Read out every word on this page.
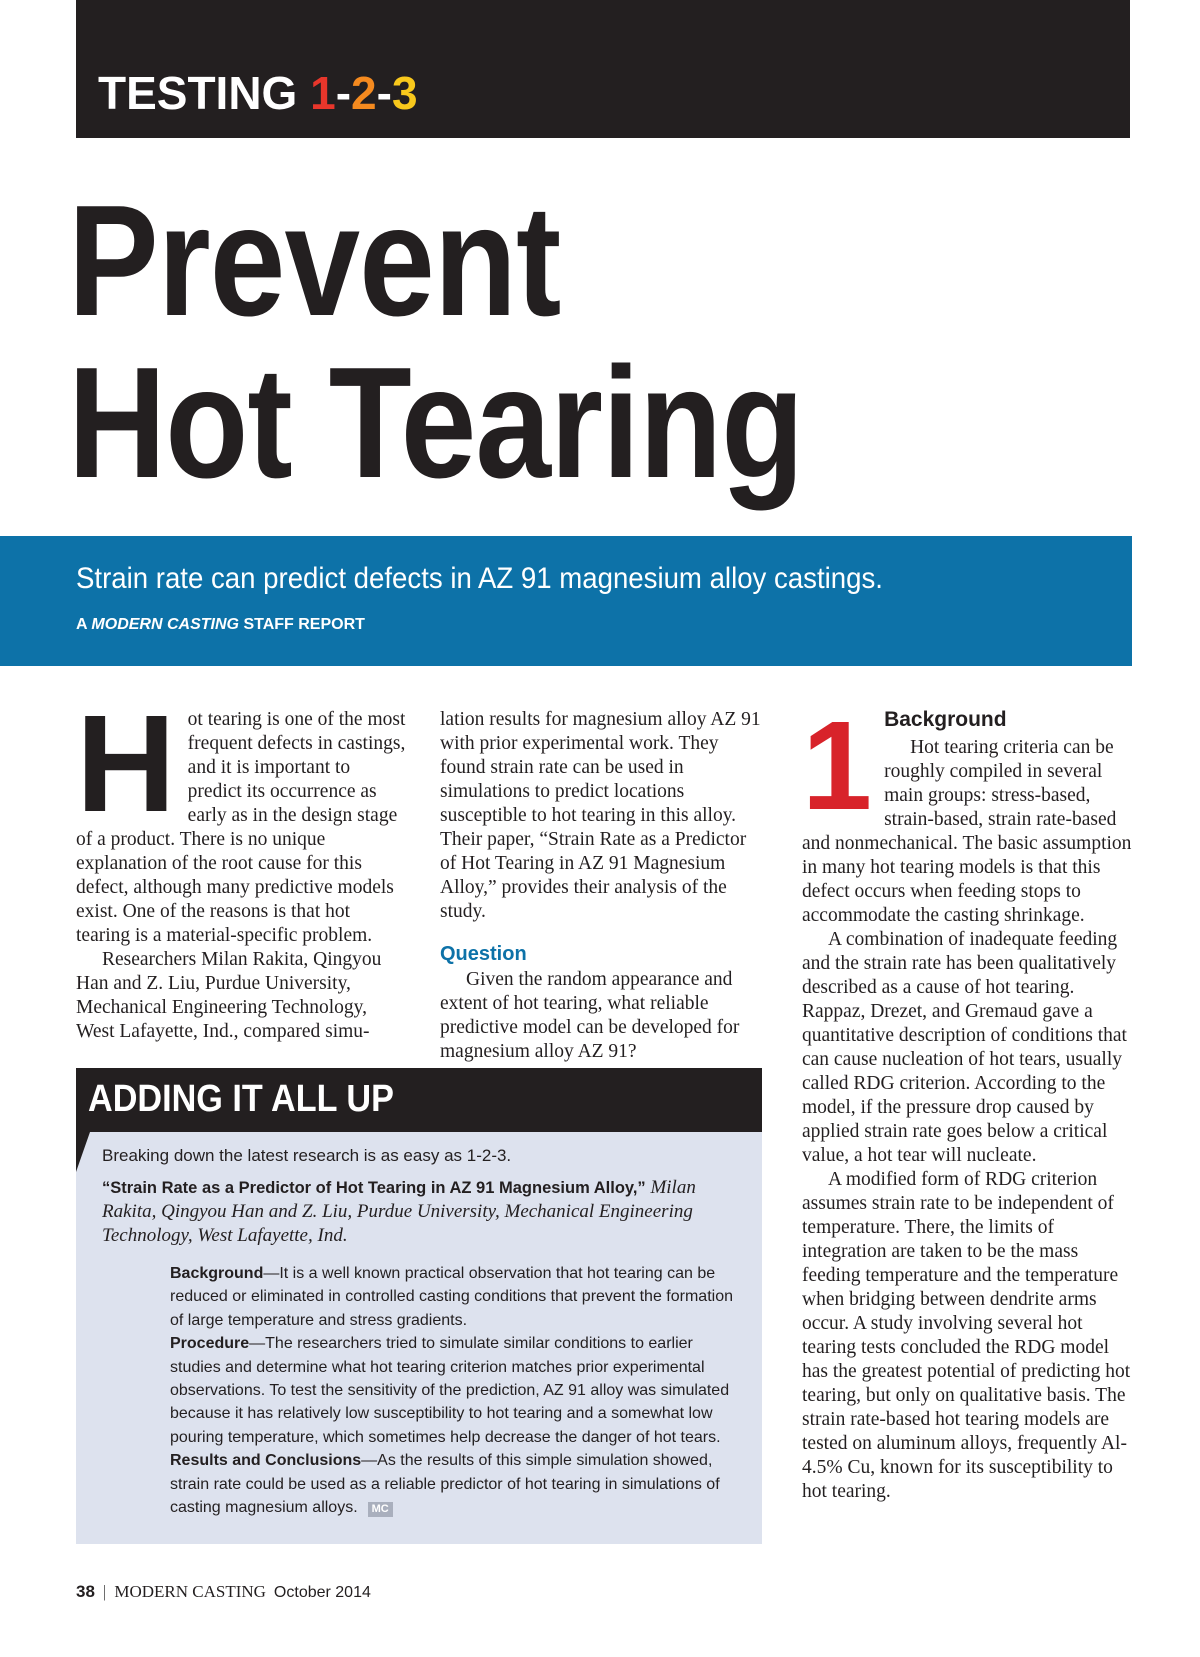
TESTING 1-2-3
Prevent
Hot Tearing
Strain rate can predict defects in AZ 91 magnesium alloy castings.
A MODERN CASTING STAFF REPORT
H ot tearing is one of the most frequent defects in castings, and it is important to predict its occurrence as early as in the design stage of a product. There is no unique explanation of the root cause for this defect, although many predictive models exist. One of the reasons is that hot tearing is a material-specific problem.

Researchers Milan Rakita, Qingyou Han and Z. Liu, Purdue University, Mechanical Engineering Technology, West Lafayette, Ind., compared simu-

lation results for magnesium alloy AZ 91 with prior experimental work. They found strain rate can be used in simulations to predict locations susceptible to hot tearing in this alloy. Their paper, “Strain Rate as a Predictor of Hot Tearing in AZ 91 Magnesium Alloy,” provides their analysis of the study.

Question

Given the random appearance and extent of hot tearing, what reliable predictive model can be developed for magnesium alloy AZ 91?

1 Background

Hot tearing criteria can be roughly compiled in several main groups: stress-based, strain-based, strain rate-based and nonmechanical. The basic assumption in many hot tearing models is that this defect occurs when feeding stops to accommodate the casting shrinkage.

A combination of inadequate feeding and the strain rate has been qualitatively described as a cause of hot tearing. Rappaz, Drezet, and Gremaud gave a quantitative description of conditions that can cause nucleation of hot tears, usually called RDG criterion. According to the model, if the pressure drop caused by applied strain rate goes below a critical value, a hot tear will nucleate.

A modified form of RDG criterion assumes strain rate to be independent of temperature. There, the limits of integration are taken to be the mass feeding temperature and the temperature when bridging between dendrite arms occur. A study involving several hot tearing tests concluded the RDG model has the greatest potential of predicting hot tearing, but only on qualitative basis. The strain rate-based hot tearing models are tested on aluminum alloys, frequently Al-4.5% Cu, known for its susceptibility to hot tearing.

ADDING IT ALL UP
Breaking down the latest research is as easy as 1-2-3.
“Strain Rate as a Predictor of Hot Tearing in AZ 91 Magnesium Alloy,” Milan Rakita, Qingyou Han and Z. Liu, Purdue University, Mechanical Engineering Technology, West Lafayette, Ind.

Background—It is a well known practical observation that hot tearing can be reduced or eliminated in controlled casting conditions that prevent the formation of large temperature and stress gradients.

Procedure—The researchers tried to simulate similar conditions to earlier studies and determine what hot tearing criterion matches prior experimental observations. To test the sensitivity of the prediction, AZ 91 alloy was simulated because it has relatively low susceptibility to hot tearing and a somewhat low pouring temperature, which sometimes help decrease the danger of hot tears.

Results and Conclusions—As the results of this simple simulation showed, strain rate could be used as a reliable predictor of hot tearing in simulations of casting magnesium alloys. MC

38 | MODERN CASTING October 2014
